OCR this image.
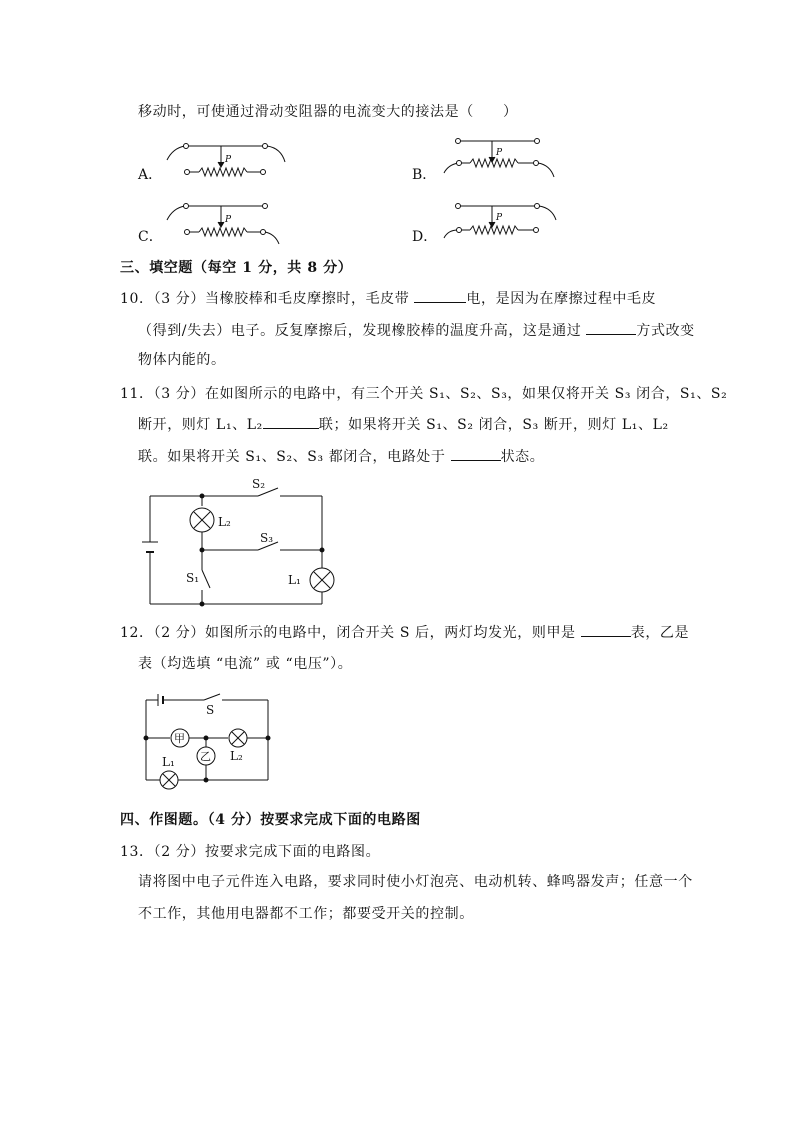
移动时，可使通过滑动变阻器的电流变大的接法是（　　）
A．	B．
C．	D．
P
P
P	P
三、填空题（每空 1 分，共 8 分）
10．（3 分）当橡胶棒和毛皮摩擦时，毛皮带	电，是因为在摩擦过程中毛皮
（得到/失去）电子。反复摩擦后，发现橡胶棒的温度升高，这是通过	方式改变
物体内能的。
11．（3 分）在如图所示的电路中，有三个开关 S₁、S₂、S₃，如果仅将开关 S₃ 闭合，S₁、S₂
断开，则灯 L₁、L₂	联；如果将开关 S₁、S₂ 闭合，S₃ 断开，则灯 L₁、L₂
联。如果将开关 S₁、S₂、S₃ 都闭合，电路处于	状态。
S₂
S₃
S₁
L₂
L₁
12．（2 分）如图所示的电路中，闭合开关 S 后，两灯均发光，则甲是	表，乙是
表（均选填 “电流” 或 “电压”）。
S
甲
乙
L₁	L₂
四、作图题。（4 分）按要求完成下面的电路图
13．（2 分）按要求完成下面的电路图。
请将图中电子元件连入电路，要求同时使小灯泡亮、电动机转、蜂鸣器发声；任意一个
不工作，其他用电器都不工作；都要受开关的控制。
